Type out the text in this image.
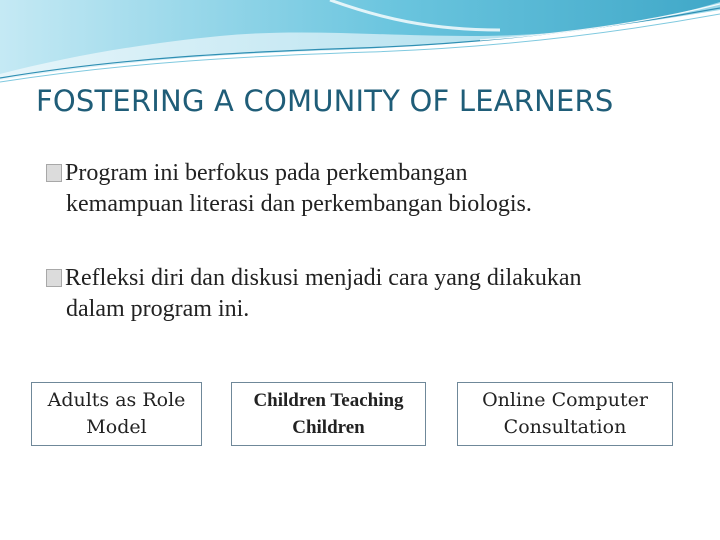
FOSTERING A COMUNITY OF LEARNERS
Program ini berfokus pada perkembangan
kemampuan literasi dan perkembangan biologis.
Refleksi diri dan diskusi menjadi cara yang dilakukan
dalam program ini.
Adults as Role
Model
Children Teaching
Children
Online Computer
Consultation
